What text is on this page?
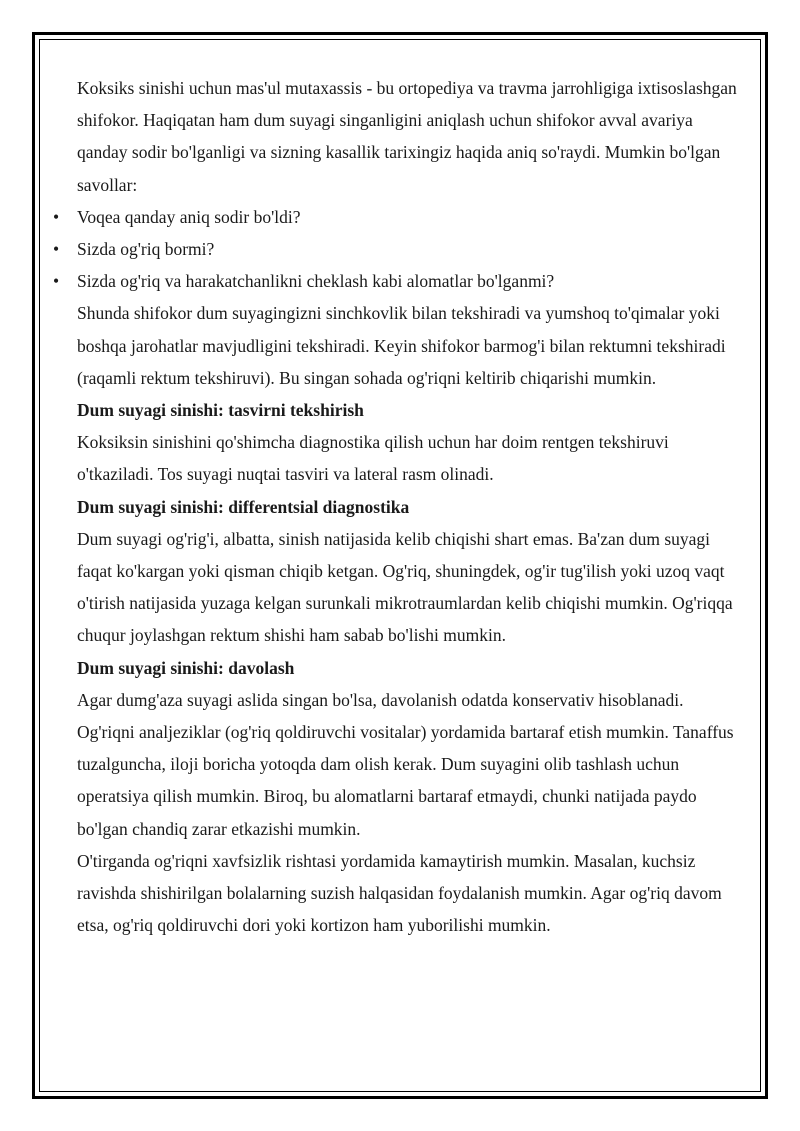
Koksiks sinishi uchun mas'ul mutaxassis - bu ortopediya va travma jarrohligiga ixtisoslashgan shifokor. Haqiqatan ham dum suyagi singanligini aniqlash uchun shifokor avval avariya qanday sodir bo'lganligi va sizning kasallik tarixingiz haqida aniq so'raydi. Mumkin bo'lgan savollar:

• Voqea qanday aniq sodir bo'ldi?
• Sizda og'riq bormi?
• Sizda og'riq va harakatchanlikni cheklash kabi alomatlar bo'lganmi?

Shunda shifokor dum suyagingizni sinchkovlik bilan tekshiradi va yumshoq to'qimalar yoki boshqa jarohatlar mavjudligini tekshiradi. Keyin shifokor barmog'i bilan rektumni tekshiradi (raqamli rektum tekshiruvi). Bu singan sohada og'riqni keltirib chiqarishi mumkin.

Dum suyagi sinishi: tasvirni tekshirish

Koksiksin sinishini qo'shimcha diagnostika qilish uchun har doim rentgen tekshiruvi o'tkaziladi. Tos suyagi nuqtai tasviri va lateral rasm olinadi.

Dum suyagi sinishi: differentsial diagnostika

Dum suyagi og'rig'i, albatta, sinish natijasida kelib chiqishi shart emas. Ba'zan dum suyagi faqat ko'kargan yoki qisman chiqib ketgan. Og'riq, shuningdek, og'ir tug'ilish yoki uzoq vaqt o'tirish natijasida yuzaga kelgan surunkali mikrotraumlardan kelib chiqishi mumkin. Og'riqqa chuqur joylashgan rektum shishi ham sabab bo'lishi mumkin.

Dum suyagi sinishi: davolash

Agar dumg'aza suyagi aslida singan bo'lsa, davolanish odatda konservativ hisoblanadi. Og'riqni analjeziklar (og'riq qoldiruvchi vositalar) yordamida bartaraf etish mumkin. Tanaffus tuzalguncha, iloji boricha yotoqda dam olish kerak. Dum suyagini olib tashlash uchun operatsiya qilish mumkin. Biroq, bu alomatlarni bartaraf etmaydi, chunki natijada paydo bo'lgan chandiq zarar etkazishi mumkin.

O'tirganda og'riqni xavfsizlik rishtasi yordamida kamaytirish mumkin. Masalan, kuchsiz ravishda shishirilgan bolalarning suzish halqasidan foydalanish mumkin. Agar og'riq davom etsa, og'riq qoldiruvchi dori yoki kortizon ham yuborilishi mumkin.
